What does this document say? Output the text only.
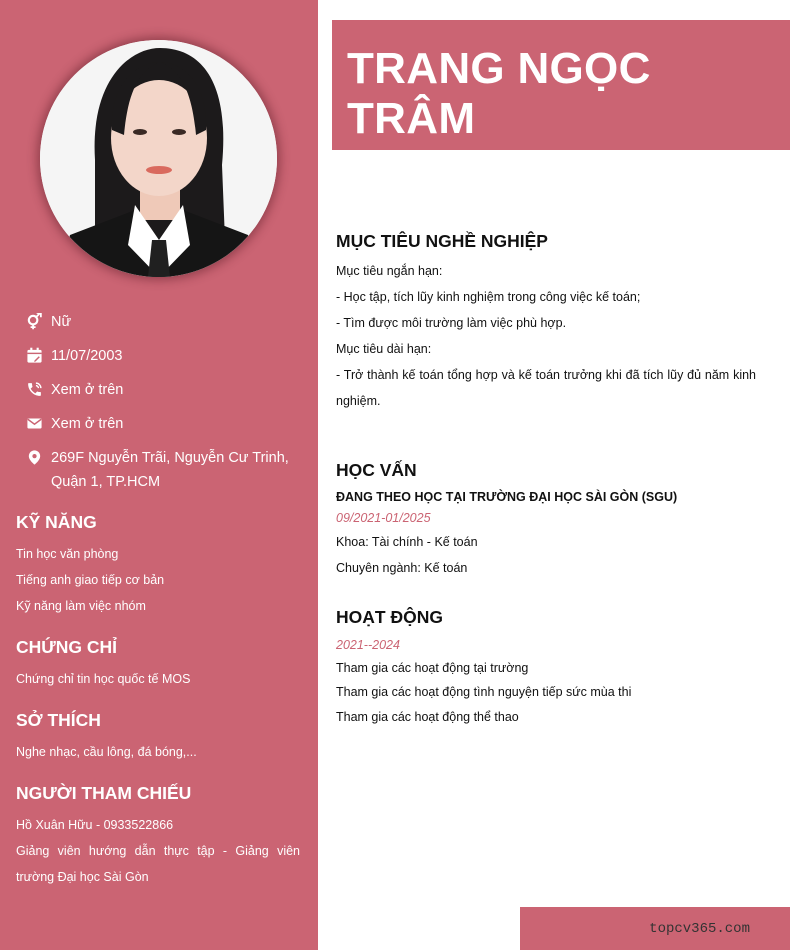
Nữ
11/07/2003
Xem ở trên
Xem ở trên
269F Nguyễn Trãi, Nguyễn Cư Trinh, Quận 1, TP.HCM
KỸ NĂNG
Tin học văn phòng
Tiếng anh giao tiếp cơ bản
Kỹ năng làm việc nhóm
CHỨNG CHỈ
Chứng chỉ tin học quốc tế MOS
SỞ THÍCH
Nghe nhạc, cầu lông, đá bóng,...
NGƯỜI THAM CHIẾU
Hồ Xuân Hữu - 0933522866
Giảng viên hướng dẫn thực tập - Giảng viên trường Đại học Sài Gòn
TRANG NGỌC TRÂM
THỰC TẬP SINH KẾ TOÁN
MỤC TIÊU NGHỀ NGHIỆP
Mục tiêu ngắn hạn:
- Học tập, tích lũy kinh nghiệm trong công việc kế toán;
- Tìm được môi trường làm việc phù hợp.
Mục tiêu dài hạn:
- Trở thành kế toán tổng hợp và kế toán trưởng khi đã tích lũy đủ năm kinh nghiệm.
HỌC VẤN
ĐANG THEO HỌC TẠI TRƯỜNG ĐẠI HỌC SÀI GÒN (SGU)
09/2021-01/2025
Khoa: Tài chính - Kế toán
Chuyên ngành: Kế toán
HOẠT ĐỘNG
2021--2024
Tham gia các hoạt động tại trường
Tham gia các hoạt động tình nguyện tiếp sức mùa thi
Tham gia các hoạt động thể thao
topcv365.com
